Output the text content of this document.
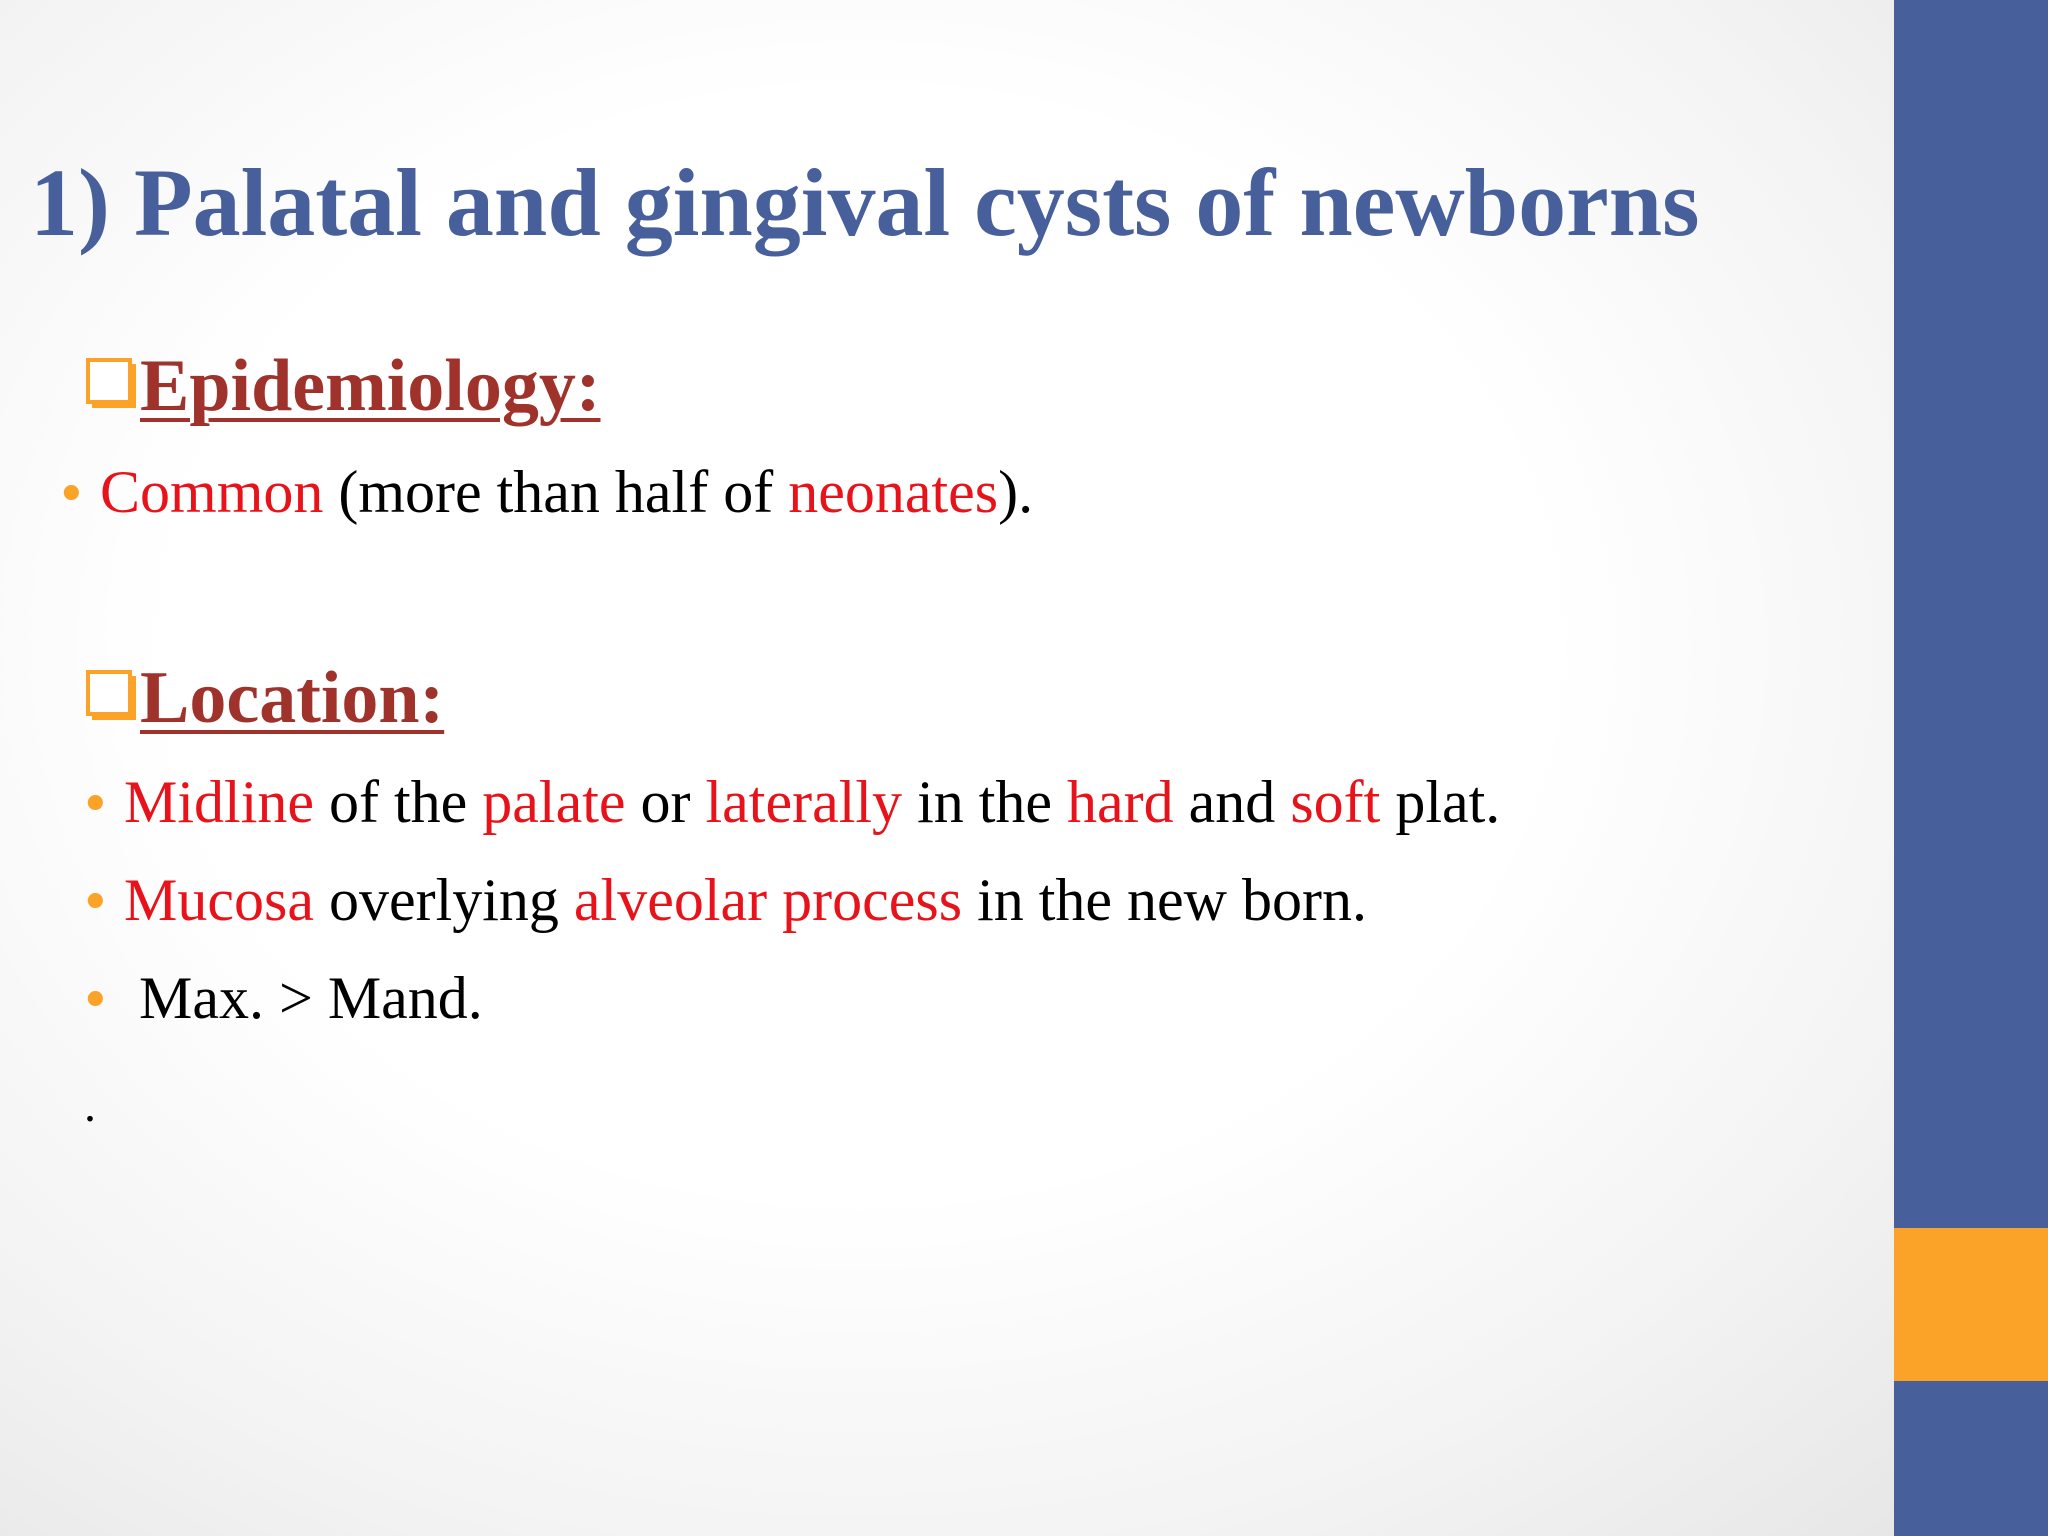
1) Palatal and gingival cysts of newborns
Epidemiology:

• Common (more than half of neonates).

Location:

• Midline of the palate or laterally in the hard and soft plat.

• Mucosa overlying alveolar process in the new born.

• Max. > Mand.

.
